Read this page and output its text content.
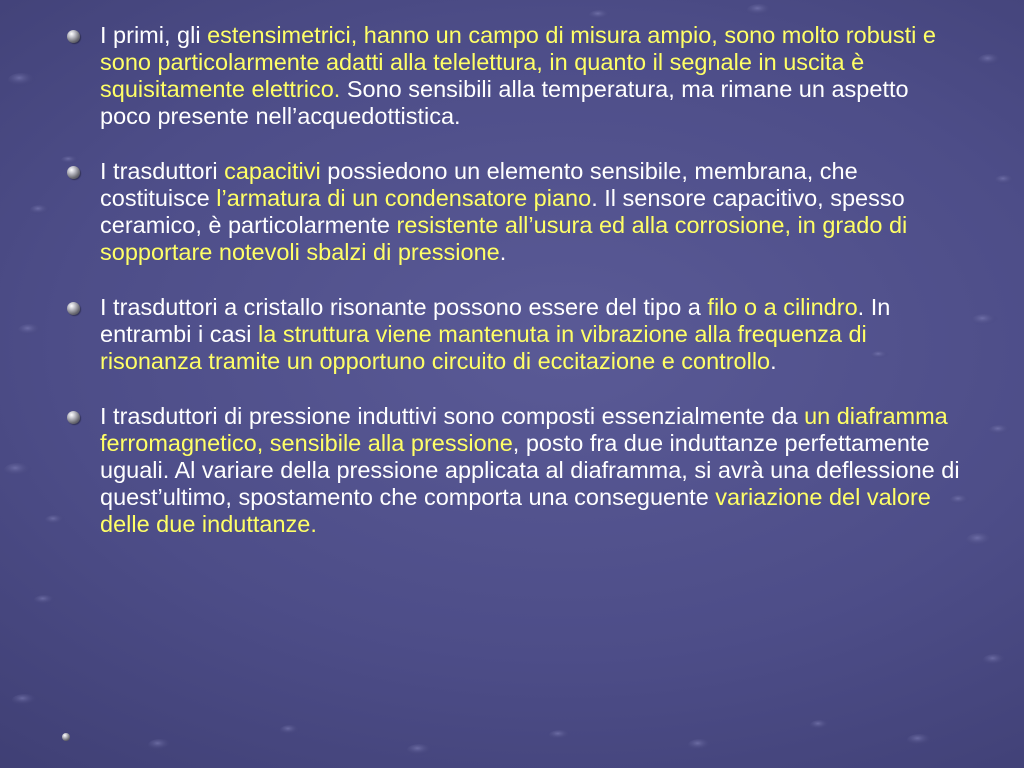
I primi, gli estensimetrici, hanno un campo di misura ampio, sono molto robusti e sono particolarmente adatti alla telelettura, in quanto il segnale in uscita è squisitamente elettrico. Sono sensibili alla temperatura, ma rimane un aspetto poco presente nell’acquedottistica.
I trasduttori capacitivi possiedono un elemento sensibile, membrana, che costituisce l’armatura di un condensatore piano. Il sensore capacitivo, spesso ceramico, è particolarmente resistente all’usura ed alla corrosione, in grado di sopportare notevoli sbalzi di pressione.
I trasduttori a cristallo risonante possono essere del tipo a filo o a cilindro. In entrambi i casi la struttura viene mantenuta in vibrazione alla frequenza di risonanza tramite un opportuno circuito di eccitazione e controllo.
I trasduttori di pressione induttivi sono composti essenzialmente da un diaframma ferromagnetico, sensibile alla pressione, posto fra due induttanze perfettamente uguali. Al variare della pressione applicata al diaframma, si avrà una deflessione di quest’ultimo, spostamento che comporta una conseguente variazione del valore delle due induttanze.
